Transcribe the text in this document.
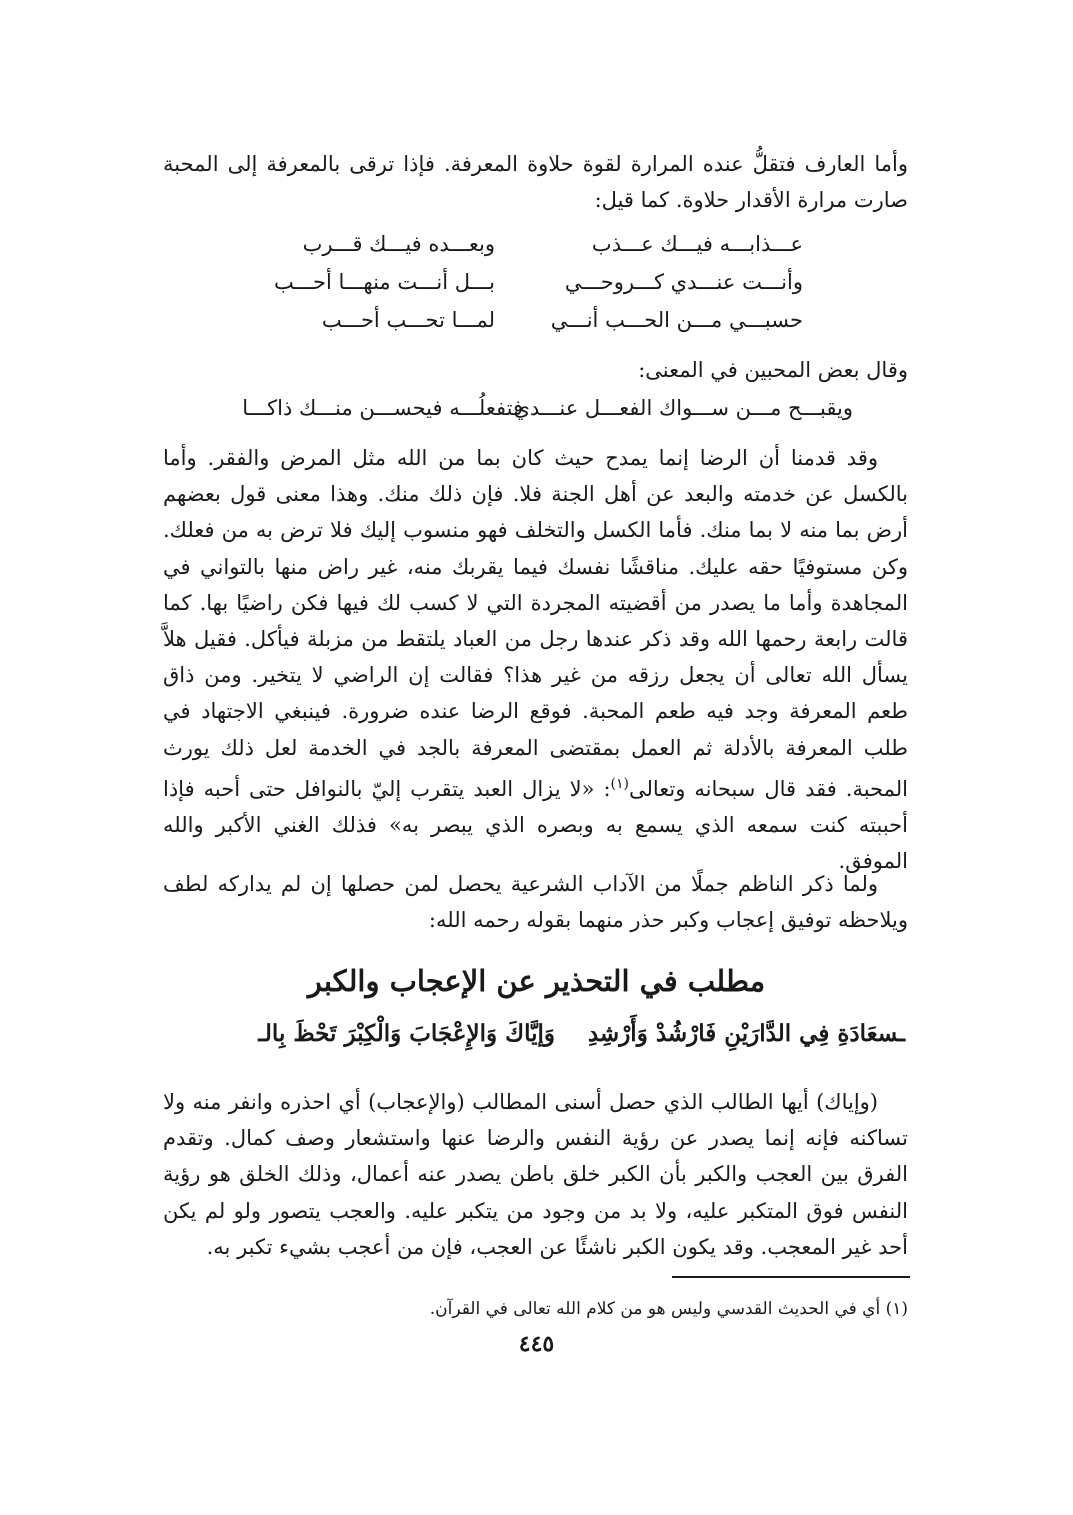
وأما العارف فتقلُّ عنده المرارة لقوة حلاوة المعرفة. فإذا ترقى بالمعرفة إلى المحبة صارت مرارة الأقدار حلاوة. كما قيل:

عـــذابـــه فيـــك عـــذب

وبعـــده فيـــك قـــرب

وأنـــت عنـــدي كـــروحـــي

بـــل أنـــت منهـــا أحـــب

حسبـــي مـــن الحـــب أنـــي

لمـــا تحـــب أحـــب

وقال بعض المحبين في المعنى:

ويقبـــح مـــن ســـواك الفعـــل عنـــدي

فتفعلُـــه فيحســـن منـــك ذاكـــا

وقد قدمنا أن الرضا إنما يمدح حيث كان بما من الله مثل المرض والفقر. وأما بالكسل عن خدمته والبعد عن أهل الجنة فلا. فإن ذلك منك. وهذا معنى قول بعضهم أرض بما منه لا بما منك. فأما الكسل والتخلف فهو منسوب إليك فلا ترض به من فعلك. وكن مستوفيًا حقه عليك. مناقشًا نفسك فيما يقربك منه، غير راض منها بالتواني في المجاهدة وأما ما يصدر من أقضيته المجردة التي لا كسب لك فيها فكن راضيًا بها. كما قالت رابعة رحمها الله وقد ذكر عندها رجل من العباد يلتقط من مزبلة فيأكل. فقيل هلاَّ يسأل الله تعالى أن يجعل رزقه من غير هذا؟ فقالت إن الراضي لا يتخير. ومن ذاق طعم المعرفة وجد فيه طعم المحبة. فوقع الرضا عنده ضرورة. فينبغي الاجتهاد في طلب المعرفة بالأدلة ثم العمل بمقتضى المعرفة بالجد في الخدمة لعل ذلك يورث المحبة. فقد قال سبحانه وتعالى$^{(١)}$: «لا يزال العبد يتقرب إليّ بالنوافل حتى أحبه فإذا أحببته كنت سمعه الذي يسمع به وبصره الذي يبصر به» فذلك الغني الأكبر والله الموفق.

ولما ذكر الناظم جملًا من الآداب الشرعية يحصل لمن حصلها إن لم يداركه لطف ويلاحظه توفيق إعجاب وكبر حذر منهما بقوله رحمه الله:

مطلب في التحذير عن الإعجاب والكبر

وَإيَّاكَ وَالإِعْجَابَ وَالْكِبْرَ تَحْظَ بِالـ ـسعَادَةِ فِي الدَّارَيْنِ فَارْشُدْ وَأَرْشِدِ

(وإياك) أيها الطالب الذي حصل أسنى المطالب (والإعجاب) أي احذره وانفر منه ولا تساكنه فإنه إنما يصدر عن رؤية النفس والرضا عنها واستشعار وصف كمال. وتقدم الفرق بين العجب والكبر بأن الكبر خلق باطن يصدر عنه أعمال، وذلك الخلق هو رؤية النفس فوق المتكبر عليه، ولا بد من وجود من يتكبر عليه. والعجب يتصور ولو لم يكن أحد غير المعجب. وقد يكون الكبر ناشئًا عن العجب، فإن من أعجب بشيء تكبر به.

(١) أي في الحديث القدسي وليس هو من كلام الله تعالى في القرآن.

٤٤٥
